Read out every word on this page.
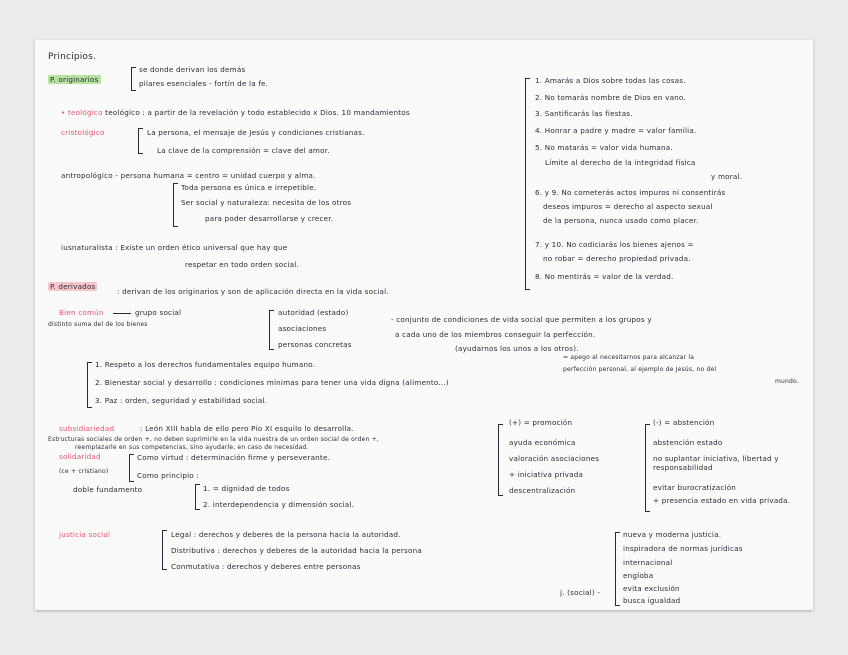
Principios.
P. originarios
se donde derivan los demás
pilares esenciales - fortín de la fe.
• teológico teológico : a partir de la revelación y todo establecido x Dios. 10 mandamientos
cristológico	La persona, el mensaje de Jesús y condiciones cristianas.
La clave de la comprensión = clave del amor.
antropológico - persona humana = centro = unidad cuerpo y alma.
Toda persona es única e irrepetible.
Ser social y naturaleza: necesita de los otros
para poder desarrollarse y crecer.
iusnaturalista : Existe un orden ético universal que hay que
respetar en todo orden social.
1. Amarás a Dios sobre todas las cosas.
2. No tomarás nombre de Dios en vano.
3. Santificarás las fiestas.
4. Honrar a padre y madre = valor familia.
5. No matarás = valor vida humana.
Límite al derecho de la integridad física
y moral.
6. y 9. No cometerás actos impuros ni consentirás
deseos impuros = derecho al aspecto sexual
de la persona, nunca usado como placer.
7. y 10. No codiciarás los bienes ajenos =
no robar = derecho propiedad privada.
8. No mentirás = valor de la verdad.
P. derivados
: derivan de los originarios y son de aplicación directa en la vida social.
Bien común	grupo social
distinto suma del de los bienes
autoridad (estado)
asociaciones
personas concretas
- conjunto de condiciones de vida social que permiten a los grupos y
a cada uno de los miembros conseguir la perfección.
(ayudarnos los unos a los otros).
= apego al necesitarnos para alcanzar la
perfección personal, al ejemplo de Jesús, no del
mundo.
1. Respeto a los derechos fundamentales equipo humano.
2. Bienestar social y desarrollo : condiciones mínimas para tener una vida digna (alimento...)
3. Paz : orden, seguridad y estabilidad social.
subsidiariedad	: León XIII habla de ello pero Pío XI esquilo lo desarrolla.
Estructuras sociales de orden +, no deben suprimirle en la vida nuestra de un orden social de orden +,
reemplazarle en sus competencias, sino ayudarle, en caso de necesidad.
solidaridad	Como virtud : determinación firme y perseverante.
(ce + cristiano)	Como principio :
doble fundamento	1. = dignidad de todos
2. interdependencia y dimensión social.
(+) = promoción
ayuda económica
valoración asociaciones
+ iniciativa privada
descentralización
(-) = abstención
abstención estado
no suplantar iniciativa, libertad y responsabilidad
evitar burocratización
+ presencia estado en vida privada.
justicia social	Legal : derechos y deberes de la persona hacia la autoridad.
Distributiva : derechos y deberes de la autoridad hacia la persona
Conmutativa : derechos y deberes entre personas
j. (social) -
nueva y moderna justicia.
inspiradora de normas jurídicas
internacional
engloba
evita exclusión
busca igualdad
